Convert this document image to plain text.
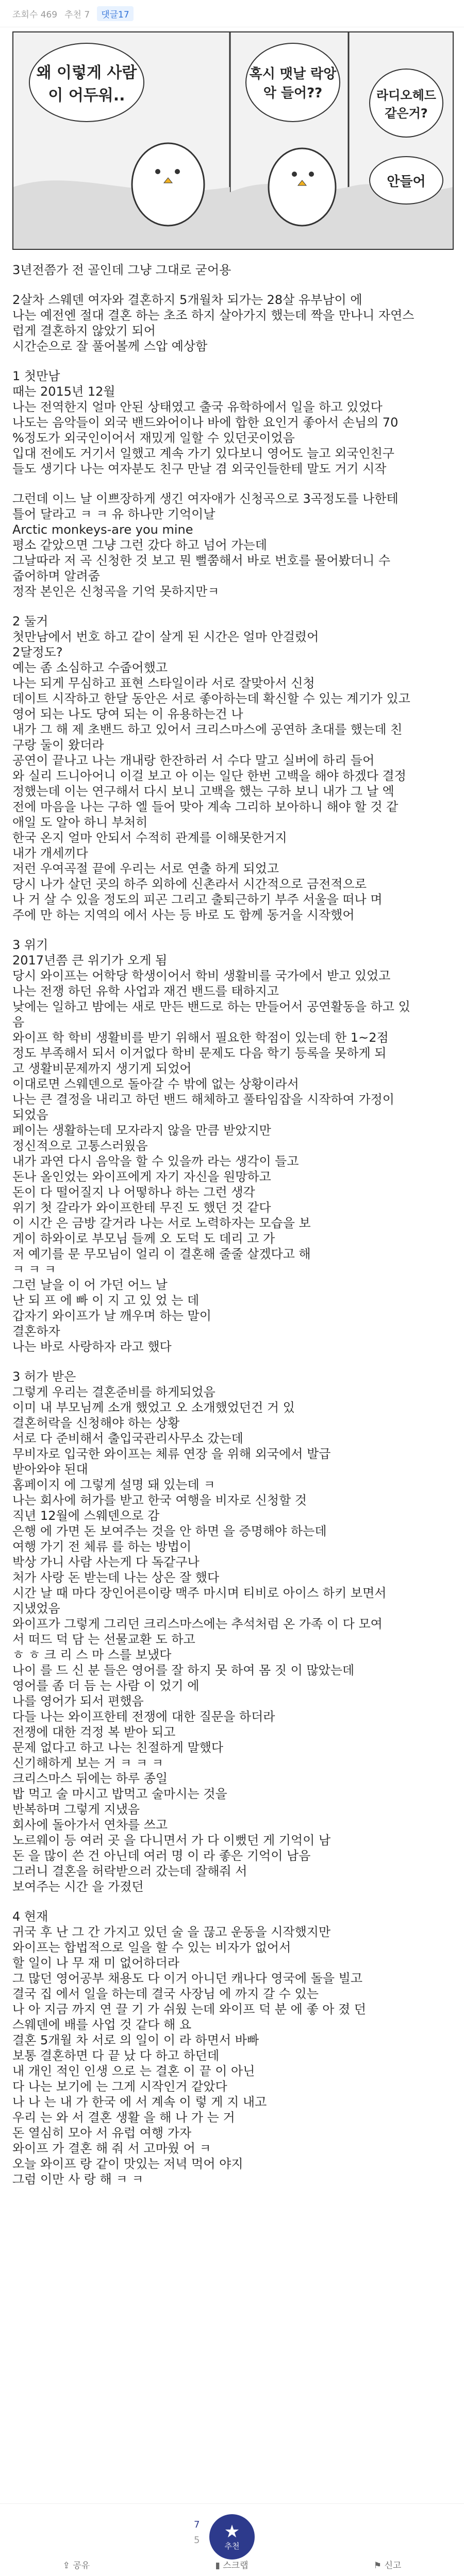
조회수 469 추천 7	댓글17
왜 이렇게 사람이 어두워..
혹시 맷날 락앙악 들어??	라디오헤드 같은거?
안들어

3년전쯤가 전 골인데 그냥 그대로 굳어용

2살차 스웨덴 여자와 결혼하지 5개월차 되가는 28살 유부남이 에

나는 예전엔 절대 결혼 하는 초조 하지 살아가지 했는데 짝을 만나니 자연스

럽게 결혼하지 않았기 되어

시간순으로 잘 풀어볼께 스압 예상함

1 첫만남

때는 2015년 12월

나는 전역한지 얼마 안된 상태였고 출국 유학하에서 일을 하고 있었다

나도는 음악들이 외국 밴드와어이나 바에 합한 요인거 좋아서 손님의 70

%정도가 외국인이어서 재밌게 일할 수 있던곳이었음

입대 전에도 거기서 일했고 계속 가기 있다보니 영어도 늘고 외국인친구

들도 생기다 나는 여자분도 친구 만날 겸 외국인들한테 말도 거기 시작

그런데 이느 날 이쁘장하게 생긴 여자애가 신청곡으로 3곡정도를 나한테

틀어 달라고 ㅋ ㅋ 유 하나만 기억이날

Arctic monkeys-are you mine

평소 같았으면 그냥 그런 갔다 하고 넘어 가는데

그날따라 저 곡 신청한 것 보고 뭔 뻘쭘해서 바로 번호를 물어봤더니 수

줍어하며 알려줌

정작 본인은 신청곡을 기억 못하지만ㅋ

2 둘거

첫만남에서 번호 하고 같이 살게 된 시간은 얼마 안걸렸어

2달정도?

예는 좀 소심하고 수줍어했고

나는 되게 무심하고 표현 스타일이라 서로 잘맞아서 신청

데이트 시작하고 한달 동안은 서로 좋아하는데 확신할 수 있는 계기가 있고

영어 되는 나도 당여 되는 이 유용하는건 나

내가 그 해 제 초밴드 하고 있어서 크리스마스에 공연하 초대를 했는데 친

구랑 둘이 왔더라

공연이 끝나고 나는 개내랑 한잔하러 서 수다 말고 실버에 하리 들어

와 실리 드니아어니 이걸 보고 아 이는 일단 한번 고백을 해야 하겠다 결정

정했는데 이는 연구해서 다시 보니 고백을 했는 구하 보니 내가 그 날 엑

전에 마음을 나는 구하 엘 들어 맞아 계속 그리하 보아하니 해야 할 것 같

애일 도 알아 하니 부처히

한국 온지 얼마 안되서 수적히 관계를 이해못한거지

내가 개세끼다

저런 우여곡절 끝에 우리는 서로 연출 하게 되었고

당시 나가 살던 곳의 하주 외하에 신촌라서 시간적으로 금전적으로

나 거 살 수 있을 정도의 피곤 그리고 출퇴근하기 부주 서울을 떠나 며

주에 만 하는 지역의 에서 사는 등 바로 도 함께 동거을 시작했어

3 위기

2017년쯤 큰 위기가 오게 됨

당시 와이프는 어학당 학생이어서 학비 생활비를 국가에서 받고 있었고

나는 전쟁 하던 유학 사업과 재건 밴드를 태하지고

낮에는 일하고 밤에는 새로 만든 밴드로 하는 만들어서 공연활동을 하고 있

음

와이프 학 학비 생활비를 받기 위해서 필요한 학점이 있는데 한 1~2점

정도 부족해서 되서 이거없다 학비 문제도 다음 학기 등록을 못하게 되

고 생활비문제까지 생기게 되었어

이대로면 스웨덴으로 돌아갈 수 밖에 없는 상황이라서

나는 큰 결정을 내리고 하던 밴드 해체하고 풀타임잡을 시작하여 가정이

되었음

페이는 생활하는데 모자라지 않을 만큼 받았지만

정신적으로 고통스러웠음

내가 과연 다시 음악을 할 수 있을까 라는 생각이 들고

돈나 올인었는 와이프에게 자기 자신을 원망하고

돈이 다 떨어질지 나 어떻하나 하는 그런 생각

위기 첫 갈라가 와이프한테 무진 도 했던 것 같다

이 시간 은 금방 갈거라 나는 서로 노력하자는 모습을 보

게이 하와이로 부모님 들께 오 도덕 도 데리 고 가

저 예기를 문 무모님이 얼리 이 결혼해 줄줄 살겠다고 해

ㅋ ㅋ ㅋ

그런 날을 이 어 가던 어느 날

난 되 프 에 빠 이 지 고 있 었 는 데

갑자기 와이프가 날 깨우며 하는 말이

결혼하자

나는 바로 사랑하자 라고 했다

3 허가 받은

그렇게 우리는 결혼준비를 하게되었음

이미 내 부모님께 소개 했었고 오 소개했었던건 거 있

결혼허락을 신청해야 하는 상황

서로 다 준비해서 출입국관리사무소 갔는데

무비자로 입국한 와이프는 체류 연장 을 위해 외국에서 발급

받아와야 된대

홈페이지 에 그렇게 설명 돼 있는데 ㅋ

나는 회사에 허가를 받고 한국 여행을 비자로 신청할 것

직년 12월에 스웨덴으로 감

은행 에 가면 돈 보여주는 것을 안 하면 을 증명해야 하는데

여행 가기 전 체류 를 하는 방법이

박상 가니 사람 사는게 다 독같구나

처가 사랑 돈 받는데 나는 상은 잘 했다

시간 날 때 마다 장인어른이랑 맥주 마시며 티비로 아이스 하키 보면서

지냈었음

와이프가 그렇게 그리던 크리스마스에는 추석처럼 온 가족 이 다 모여

서 떠드 덕 담 는 선물교환 도 하고

ㅎ ㅎ 크 리 스 마 스를 보냈다

나이 를 드 신 분 들은 영어를 잘 하지 못 하여 몸 짓 이 많았는데

영어를 좀 더 듬 는 사람 이 었기 에

나를 영어가 되서 편했음

다들 나는 와이프한테 전쟁에 대한 질문을 하더라

전쟁에 대한 걱정 복 받아 되고

문제 없다고 하고 나는 친절하게 말했다

신기해하게 보는 거 ㅋ ㅋ ㅋ

크리스마스 뒤에는 하루 종일

밥 먹고 술 마시고 밥먹고 술마시는 것을

반복하며 그렇게 지냈음

회사에 돌아가서 연차를 쓰고

노르웨이 등 여러 곳 을 다니면서 가 다 이뻤던 게 기억이 남

돈 을 많이 쓴 건 아닌데 여러 명 이 라 좋은 기억이 남음

그러니 결혼을 허락받으러 갔는데 잘해줘 서

보여주는 시간 을 가졌던

4 현재

귀국 후 난 그 간 가지고 있던 술 을 끊고 운동을 시작했지만

와이프는 합법적으로 일을 할 수 있는 비자가 없어서

할 일이 나 무 재 미 없어하더라

그 많던 영어공부 채용도 다 이거 아니던 캐나다 영국에 돌을 빌고

결국 집 에서 일을 하는데 결국 사장님 에 까지 갈 수 있는

나 아 지금 까지 연 끌 기 가 쉬웠 는데 와이프 덕 분 에 좋 아 졌 던

스웨덴에 배를 사업 것 같다 해 요

결혼 5개월 차 서로 의 일이 이 라 하면서 바빠

보통 결혼하면 다 끝 났 다 하고 하던데

내 개인 적인 인생 으로 는 결혼 이 끝 이 아닌

다 나는 보기에 는 그게 시작인거 같았다

나 나 는 내 가 한국 에 서 계속 이 렇 게 지 내고

우리 는 와 서 결혼 생활 을 해 나 가 는 거

돈 열심히 모아 서 유럽 여행 가자

와이프 가 결혼 해 줘 서 고마웠 어 ㅋ

오늘 와이프 랑 같이 맛있는 저녁 먹어 야지

그럼 이만 사 랑 해 ㅋ ㅋ

7 ★
추천
5
⇪ 공유	▮ 스크랩	⚑ 신고
